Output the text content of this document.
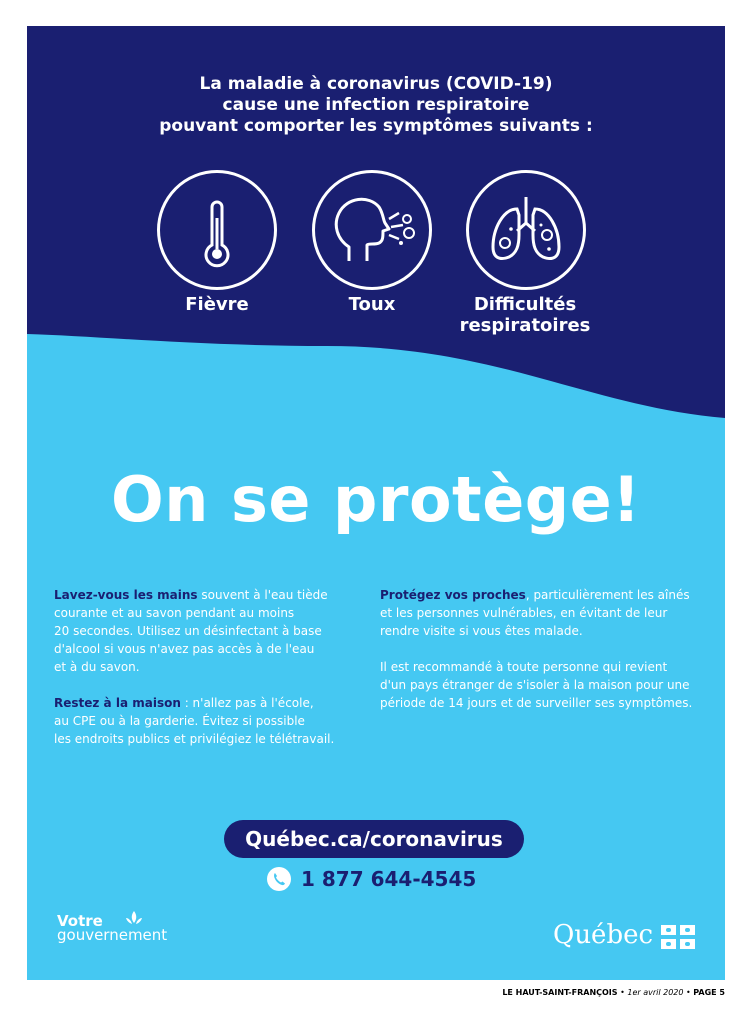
La maladie à coronavirus (COVID-19)
cause une infection respiratoire
pouvant comporter les symptômes suivants :
Fièvre	Toux	Difficultés
respiratoires
On se protège!

Lavez-vous les mains souvent à l'eau tiède
courante et au savon pendant au moins
20 secondes. Utilisez un désinfectant à base
d'alcool si vous n'avez pas accès à de l'eau
et à du savon.

Restez à la maison : n'allez pas à l'école,
au CPE ou à la garderie. Évitez si possible
les endroits publics et privilégiez le télétravail.

Protégez vos proches, particulièrement les aînés
et les personnes vulnérables, en évitant de leur
rendre visite si vous êtes malade.

Il est recommandé à toute personne qui revient
d'un pays étranger de s'isoler à la maison pour une
période de 14 jours et de surveiller ses symptômes.

Québec.ca/coronavirus
1 877 644-4545
Votre
gouvernement	Québec
LE HAUT-SAINT-FRANÇOIS • 1er avril 2020 • PAGE 5
